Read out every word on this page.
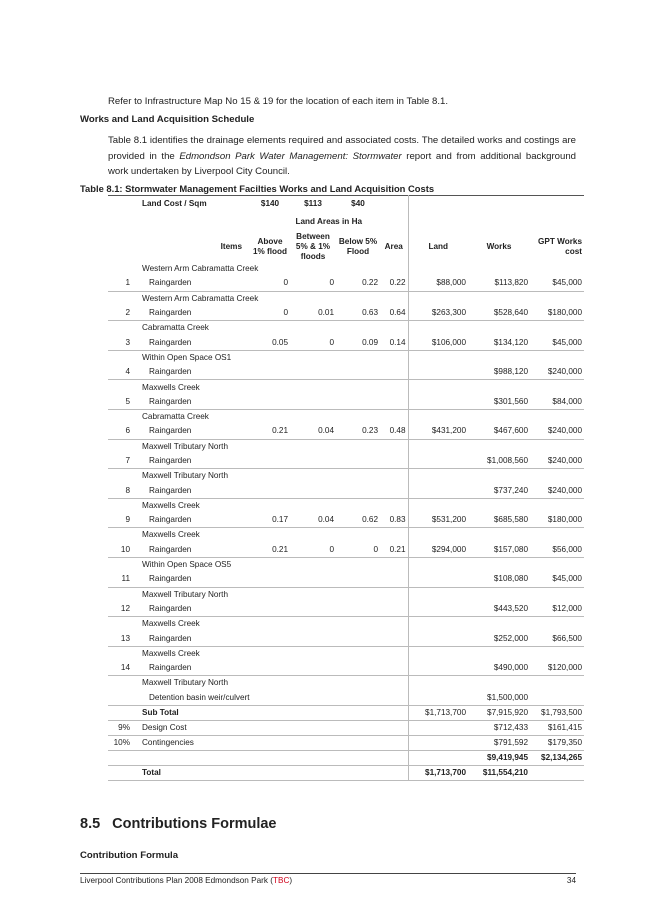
Refer to Infrastructure Map No 15 & 19 for the location of each item in Table 8.1.
Works and Land Acquisition Schedule
Table 8.1 identifies the drainage elements required and associated costs. The detailed works and costings are provided in the Edmondson Park Water Management: Stormwater report and from additional background work undertaken by Liverpool City Council.
Table 8.1: Stormwater Management Facilties Works and Land Acquisition Costs
	Land Cost / Sqm	$140	$113	$40				
		Land Areas in Ha						
	Items	Above 1% flood	Between 5% & 1% floods	Below 5% Flood	Area	Land	Works	GPT Works cost
	Western Arm Cabramatta Creek							
1	Raingarden	0	0	0.22	0.22	$88,000	$113,820	$45,000
	Western Arm Cabramatta Creek							
2	Raingarden	0	0.01	0.63	0.64	$263,300	$528,640	$180,000
	Cabramatta Creek							
3	Raingarden	0.05	0	0.09	0.14	$106,000	$134,120	$45,000
	Within Open Space OS1							
4	Raingarden						$988,120	$240,000
	Maxwells Creek							
5	Raingarden						$301,560	$84,000
	Cabramatta Creek							
6	Raingarden	0.21	0.04	0.23	0.48	$431,200	$467,600	$240,000
	Maxwell Tributary North							
7	Raingarden						$1,008,560	$240,000
	Maxwell Tributary North							
8	Raingarden						$737,240	$240,000
	Maxwells Creek							
9	Raingarden	0.17	0.04	0.62	0.83	$531,200	$685,580	$180,000
	Maxwells Creek							
10	Raingarden	0.21	0	0	0.21	$294,000	$157,080	$56,000
	Within Open Space OS5							
11	Raingarden						$108,080	$45,000
	Maxwell Tributary North							
12	Raingarden						$443,520	$12,000
	Maxwells Creek							
13	Raingarden						$252,000	$66,500
	Maxwells Creek							
14	Raingarden						$490,000	$120,000
	Maxwell Tributary North							
	Detention basin weir/culvert						$1,500,000	
	Sub Total					$1,713,700	$7,915,920	$1,793,500
9%	Design Cost						$712,433	$161,415
10%	Contingencies						$791,592	$179,350
							$9,419,945	$2,134,265
	Total					$1,713,700	$11,554,210	
8.5 Contributions Formulae
Contribution Formula
Liverpool Contributions Plan 2008 Edmondson Park (TBC)	34
